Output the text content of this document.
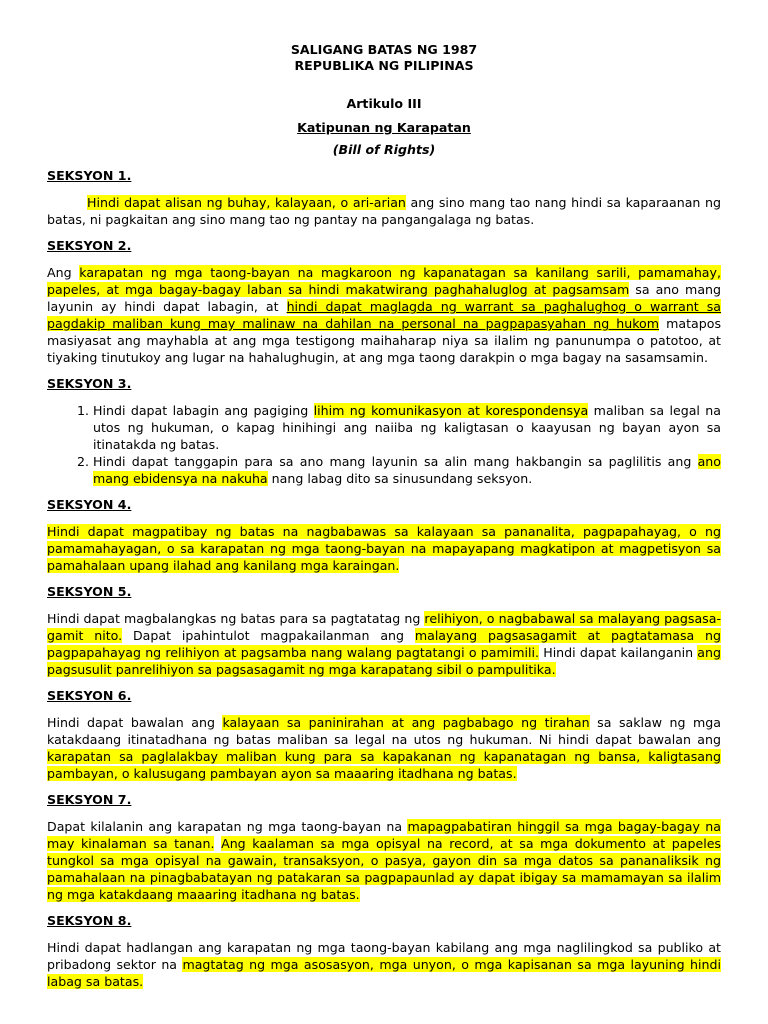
SALIGANG BATAS NG 1987
REPUBLIKA NG PILIPINAS
Artikulo III
Katipunan ng Karapatan
(Bill of Rights)
SEKSYON 1.

Hindi dapat alisan ng buhay, kalayaan, o ari-arian ang sino mang tao nang hindi sa kaparaanan ng batas, ni pagkaitan ang sino mang tao ng pantay na pangangalaga ng batas.

SEKSYON 2.

Ang karapatan ng mga taong-bayan na magkaroon ng kapanatagan sa kanilang sarili, pamamahay, papeles, at mga bagay-bagay laban sa hindi makatwirang paghahaluglog at pagsamsam sa ano mang layunin ay hindi dapat labagin, at hindi dapat maglagda ng warrant sa paghalughog o warrant sa pagdakip maliban kung may malinaw na dahilan na personal na pagpapasyahan ng hukom matapos masiyasat ang mayhabla at ang mga testigong maihaharap niya sa ilalim ng panunumpa o patotoo, at tiyaking tinutukoy ang lugar na hahalughugin, at ang mga taong darakpin o mga bagay na sasamsamin.

SEKSYON 3.
1. Hindi dapat labagin ang pagiging lihim ng komunikasyon at korespondensya maliban sa legal na utos ng hukuman, o kapag hinihingi ang naiiba ng kaligtasan o kaayusan ng bayan ayon sa itinatakda ng batas.
2. Hindi dapat tanggapin para sa ano mang layunin sa alin mang hakbangin sa paglilitis ang ano mang ebidensya na nakuha nang labag dito sa sinusundang seksyon.
SEKSYON 4.

Hindi dapat magpatibay ng batas na nagbabawas sa kalayaan sa pananalita, pagpapahayag, o ng pamamahayagan, o sa karapatan ng mga taong-bayan na mapayapang magkatipon at magpetisyon sa pamahalaan upang ilahad ang kanilang mga karaingan.

SEKSYON 5.

Hindi dapat magbalangkas ng batas para sa pagtatatag ng relihiyon, o nagbabawal sa malayang pagsasa-gamit nito. Dapat ipahintulot magpakailanman ang malayang pagsasagamit at pagtatamasa ng pagpapahayag ng relihiyon at pagsamba nang walang pagtatangi o pamimili. Hindi dapat kailanganin ang pagsusulit panrelihiyon sa pagsasagamit ng mga karapatang sibil o pampulitika.

SEKSYON 6.

Hindi dapat bawalan ang kalayaan sa paninirahan at ang pagbabago ng tirahan sa saklaw ng mga katakdaang itinatadhana ng batas maliban sa legal na utos ng hukuman. Ni hindi dapat bawalan ang karapatan sa paglalakbay maliban kung para sa kapakanan ng kapanatagan ng bansa, kaligtasang pambayan, o kalusugang pambayan ayon sa maaaring itadhana ng batas.

SEKSYON 7.

Dapat kilalanin ang karapatan ng mga taong-bayan na mapagpabatiran hinggil sa mga bagay-bagay na may kinalaman sa tanan. Ang kaalaman sa mga opisyal na record, at sa mga dokumento at papeles tungkol sa mga opisyal na gawain, transaksyon, o pasya, gayon din sa mga datos sa pananaliksik ng pamahalaan na pinagbabatayan ng patakaran sa pagpapaunlad ay dapat ibigay sa mamamayan sa ilalim ng mga katakdaang maaaring itadhana ng batas.

SEKSYON 8.

Hindi dapat hadlangan ang karapatan ng mga taong-bayan kabilang ang mga naglilingkod sa publiko at pribadong sektor na magtatag ng mga asosasyon, mga unyon, o mga kapisanan sa mga layuning hindi labag sa batas.
